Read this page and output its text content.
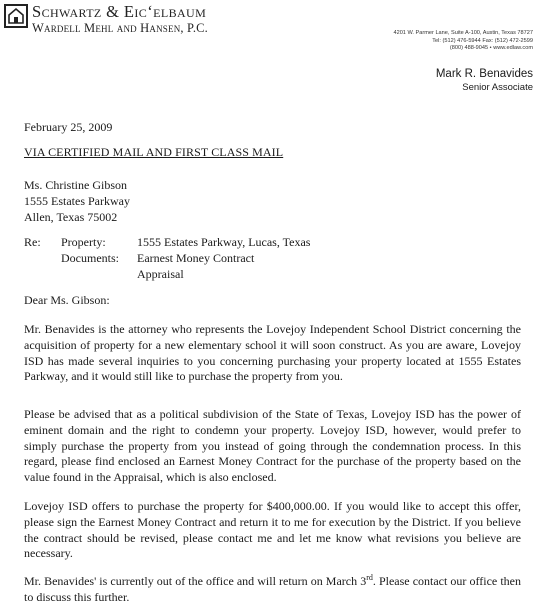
Schwartz & Eicʻelbaum
Wardell Mehl and Hansen, P.C.	4201 W. Parmer Lane, Suite A-100, Austin, Texas 78727
Tel: (512) 476-5944 Fax: (512) 472-2599
(800) 488-9045 • www.edlaw.com
Mark R. Benavides
Senior Associate
February 25, 2009
VIA CERTIFIED MAIL AND FIRST CLASS MAIL
Ms. Christine Gibson
1555 Estates Parkway
Allen, Texas 75002
Re: Property:
Documents:
1555 Estates Parkway, Lucas, Texas
Earnest Money Contract
Appraisal
Dear Ms. Gibson:

Mr. Benavides is the attorney who represents the Lovejoy Independent School District concerning the acquisition of property for a new elementary school it will soon construct. As you are aware, Lovejoy ISD has made several inquiries to you concerning purchasing your property located at 1555 Estates Parkway, and it would still like to purchase the property from you.

Please be advised that as a political subdivision of the State of Texas, Lovejoy ISD has the power of eminent domain and the right to condemn your property. Lovejoy ISD, however, would prefer to simply purchase the property from you instead of going through the condemnation process. In this regard, please find enclosed an Earnest Money Contract for the purchase of the property based on the value found in the Appraisal, which is also enclosed.

Lovejoy ISD offers to purchase the property for $400,000.00. If you would like to accept this offer, please sign the Earnest Money Contract and return it to me for execution by the District. If you believe the contract should be revised, please contact me and let me know what revisions you believe are necessary.

Mr. Benavides' is currently out of the office and will return on March 3rd. Please contact our office then to discuss this further.
